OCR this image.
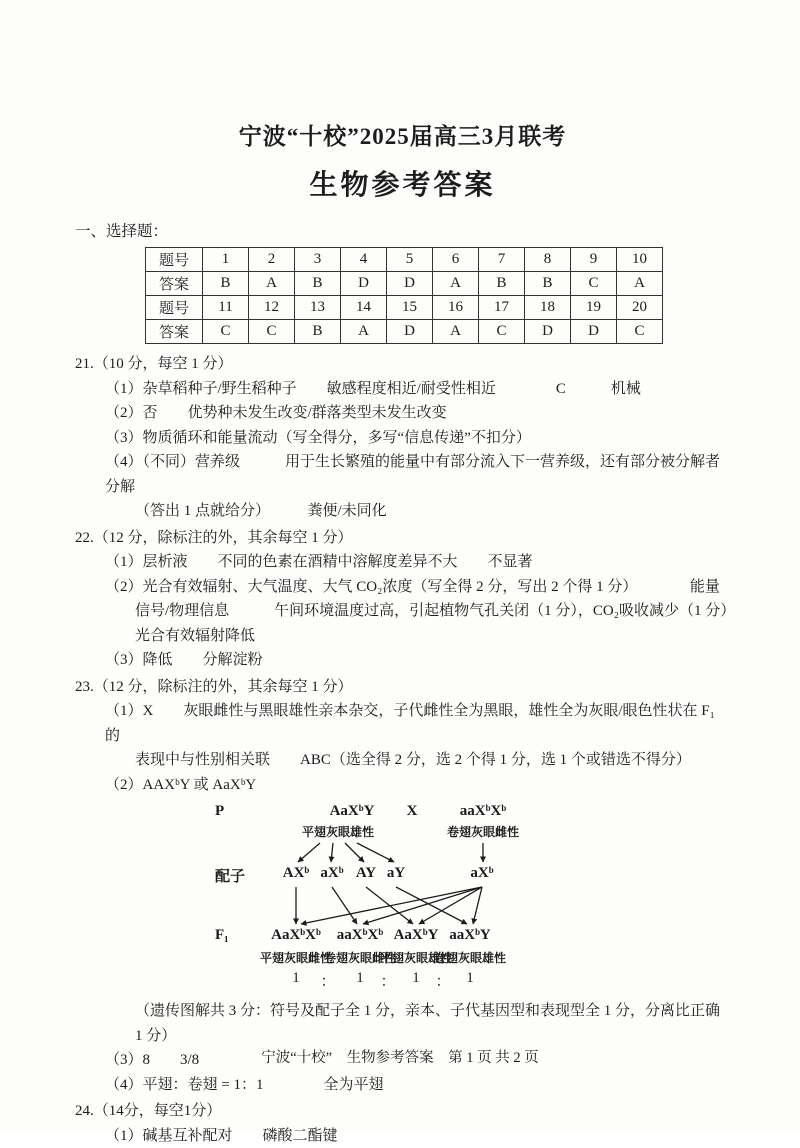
宁波“十校”2025届高三3月联考
生物参考答案
一、选择题：
题号	1	2	3	4	5	6	7	8	9	10
答案	B	A	B	D	D	A	B	B	C	A
题号	11	12	13	14	15	16	17	18	19	20
答案	C	C	B	A	D	A	C	D	D	C
21.（10 分，每空 1 分）
（1）杂草稻种子/野生稻种子　　敏感程度相近/耐受性相近　　　　C　　　机械
（2）否　　优势种未发生改变/群落类型未发生改变
（3）物质循环和能量流动（写全得分，多写“信息传递”不扣分）
（4）（不同）营养级　　　用于生长繁殖的能量中有部分流入下一营养级，还有部分被分解者分解
（答出 1 点就给分）　　　粪便/未同化
22.（12 分，除标注的外，其余每空 1 分）
（1）层析液　　不同的色素在酒精中溶解度差异不大　　不显著
（2）光合有效辐射、大气温度、大气 CO₂浓度（写全得 2 分，写出 2 个得 1 分）　　　　能量
信号/物理信息　　　午间环境温度过高，引起植物气孔关闭（1 分），CO₂吸收减少（1 分）
光合有效辐射降低
（3）降低　　分解淀粉
23.（12 分，除标注的外，其余每空 1 分）
（1）X　　灰眼雌性与黑眼雄性亲本杂交，子代雌性全为黑眼，雄性全为灰眼/眼色性状在 F₁ 的
表现中与性别相关联　　ABC（选全得 2 分，选 2 个得 1 分，选 1 个或错选不得分）
（2）AAXᵇY 或 AaXᵇY
P	AaXᵇY X	aaXᵇXᵇ
平翅灰眼雄性	卷翅灰眼雌性
配子	AXᵇ aXᵇ AY aY	aXᵇ
F₁	AaXᵇXᵇ aaXᵇXᵇ AaXᵇY aaXᵇY
平翅灰眼雌性
卷翅灰眼雌性
平翅灰眼雄性
卷翅灰眼雄性
1 ： 1 ： 1 ： 1
（遗传图解共 3 分：符号及配子全 1 分，亲本、子代基因型和表现型全 1 分，分离比正确 1 分）
（3）8　　3/8
（4）平翅：卷翅 = 1：1　　　　全为平翅
24.（14分，每空1分）
（1）碱基互补配对　　磷酸二酯键
宁波“十校”　生物参考答案　第 1 页 共 2 页
